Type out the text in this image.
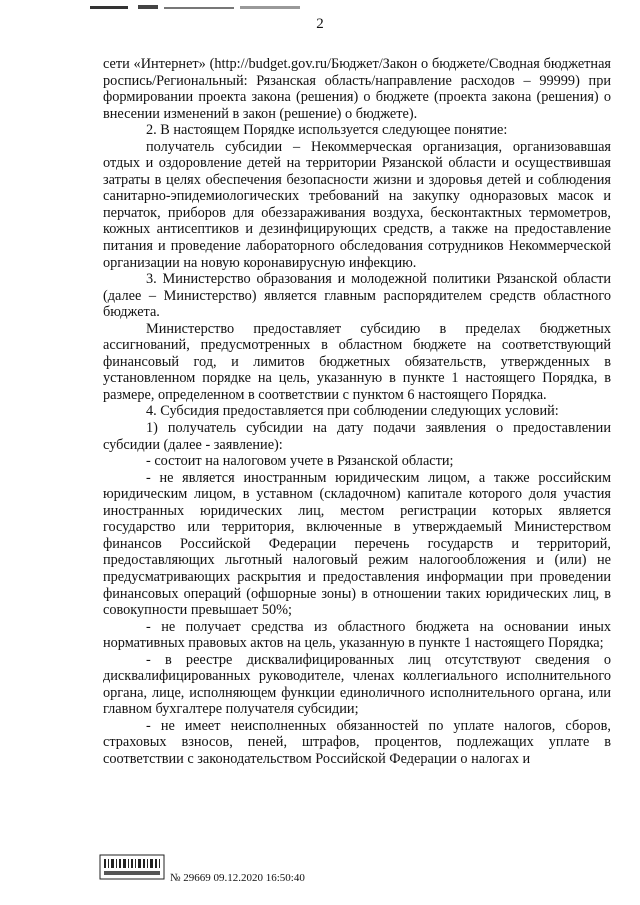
2

сети «Интернет» (http://budget.gov.ru/Бюджет/Закон о бюджете/Сводная бюджетная роспись/Региональный: Рязанская область/направление расходов – 99999) при формировании проекта закона (решения) о бюджете (проекта закона (решения) о внесении изменений в закон (решение) о бюджете).

2. В настоящем Порядке используется следующее понятие:

получатель субсидии – Некоммерческая организация, организовавшая отдых и оздоровление детей на территории Рязанской области и осуществившая затраты в целях обеспечения безопасности жизни и здоровья детей и соблюдения санитарно-эпидемиологических требований на закупку одноразовых масок и перчаток, приборов для обеззараживания воздуха, бесконтактных термометров, кожных антисептиков и дезинфицирующих средств, а также на предоставление питания и проведение лабораторного обследования сотрудников Некоммерческой организации на новую коронавирусную инфекцию.

3. Министерство образования и молодежной политики Рязанской области (далее – Министерство) является главным распорядителем средств областного бюджета.

Министерство предоставляет субсидию в пределах бюджетных ассигнований, предусмотренных в областном бюджете на соответствующий финансовый год, и лимитов бюджетных обязательств, утвержденных в установленном порядке на цель, указанную в пункте 1 настоящего Порядка, в размере, определенном в соответствии с пунктом 6 настоящего Порядка.

4. Субсидия предоставляется при соблюдении следующих условий:

1) получатель субсидии на дату подачи заявления о предоставлении субсидии (далее - заявление):

- состоит на налоговом учете в Рязанской области;

- не является иностранным юридическим лицом, а также российским юридическим лицом, в уставном (складочном) капитале которого доля участия иностранных юридических лиц, местом регистрации которых является государство или территория, включенные в утверждаемый Министерством финансов Российской Федерации перечень государств и территорий, предоставляющих льготный налоговый режим налогообложения и (или) не предусматривающих раскрытия и предоставления информации при проведении финансовых операций (офшорные зоны) в отношении таких юридических лиц, в совокупности превышает 50%;

- не получает средства из областного бюджета на основании иных нормативных правовых актов на цель, указанную в пункте 1 настоящего Порядка;

- в реестре дисквалифицированных лиц отсутствуют сведения о дисквалифицированных руководителе, членах коллегиального исполнительного органа, лице, исполняющем функции единоличного исполнительного органа, или главном бухгалтере получателя субсидии;

- не имеет неисполненных обязанностей по уплате налогов, сборов, страховых взносов, пеней, штрафов, процентов, подлежащих уплате в соответствии с законодательством Российской Федерации о налогах и

№ 29669 09.12.2020 16:50:40
